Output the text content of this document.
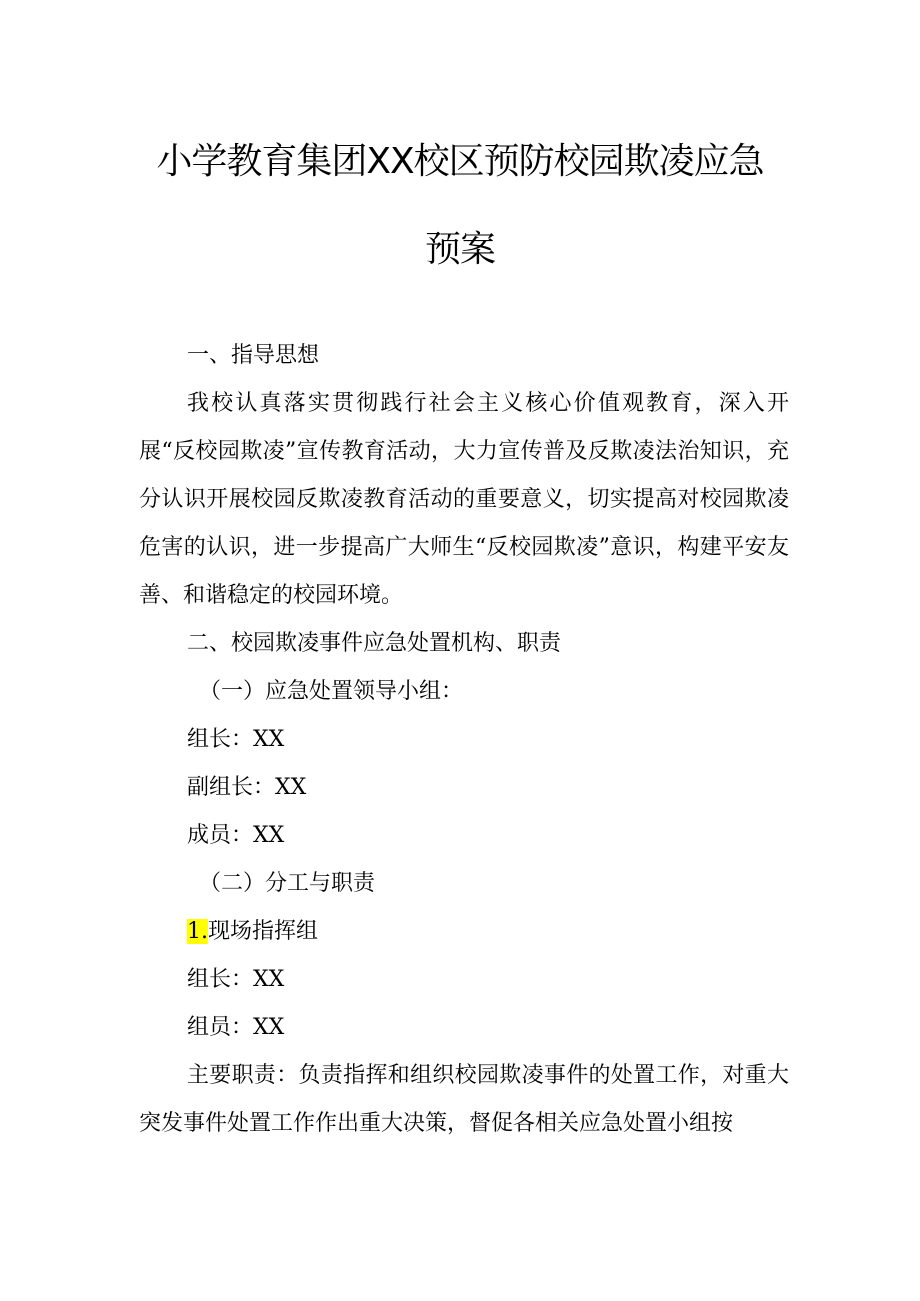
小学教育集团XX校区预防校园欺凌应急
预案

一、指导思想

我校认真落实贯彻践行社会主义核心价值观教育，深入开展“反校园欺凌”宣传教育活动，大力宣传普及反欺凌法治知识，充分认识开展校园反欺凌教育活动的重要意义，切实提高对校园欺凌危害的认识，进一步提高广大师生“反校园欺凌”意识，构建平安友善、和谐稳定的校园环境。

二、校园欺凌事件应急处置机构、职责

（一）应急处置领导小组：

组长：XX

副组长：XX

成员：XX

（二）分工与职责

1.现场指挥组

组长：XX

组员：XX

主要职责：负责指挥和组织校园欺凌事件的处置工作，对重大突发事件处置工作作出重大决策，督促各相关应急处置小组按
